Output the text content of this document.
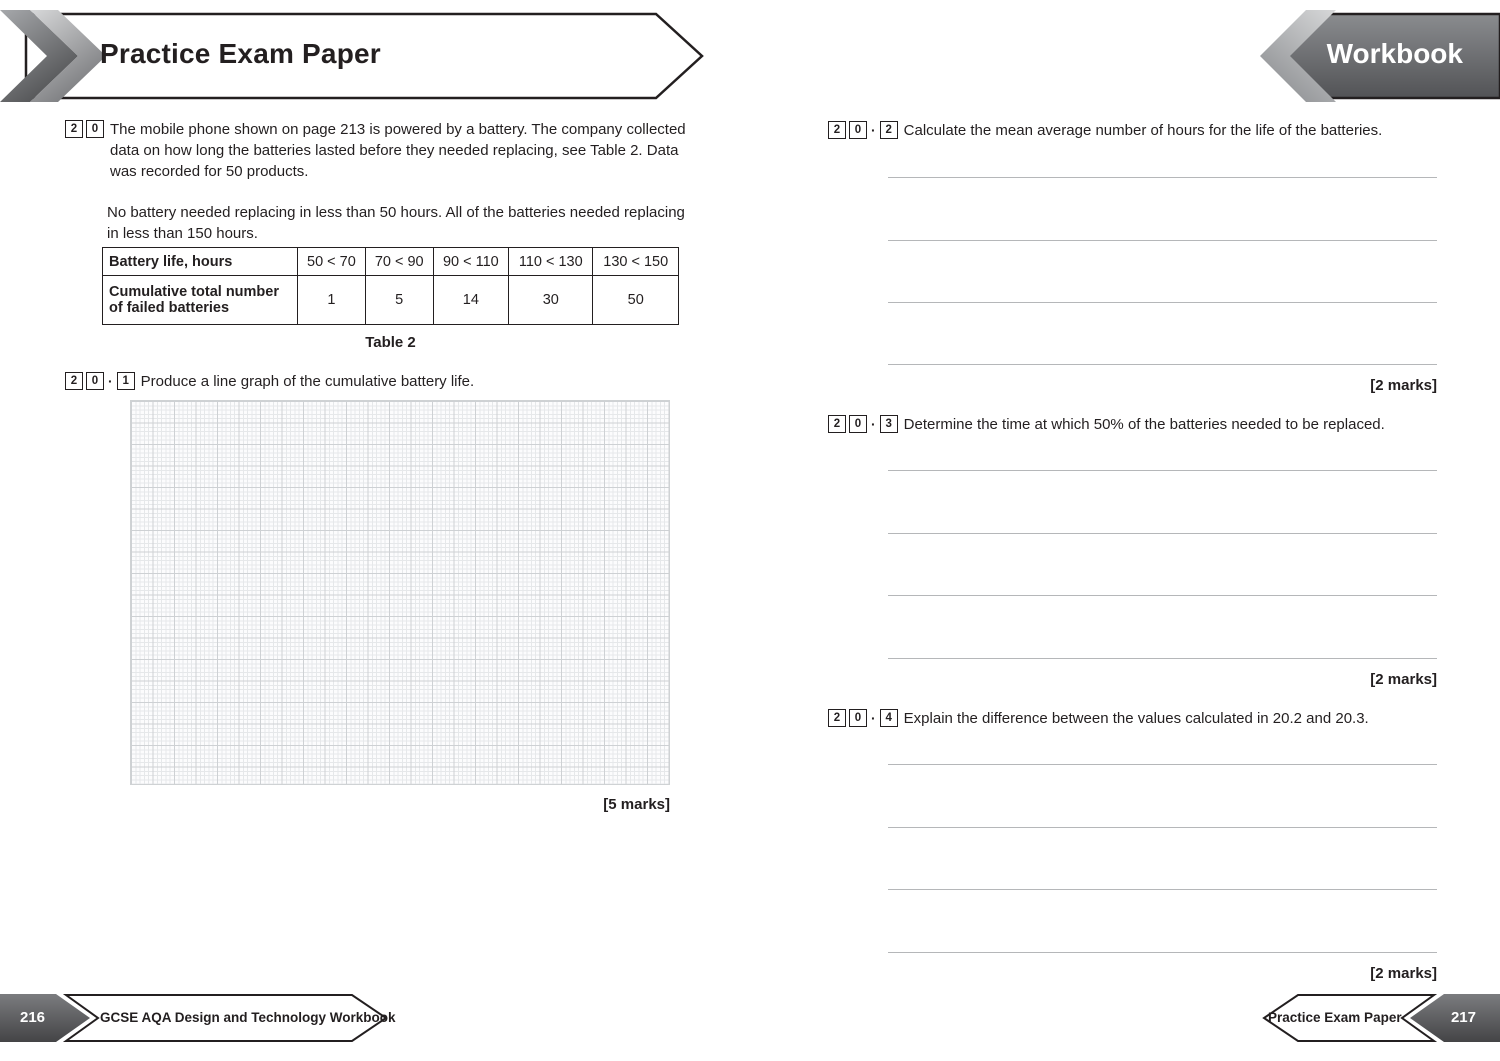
Practice Exam Paper	Workbook
2	0 The mobile phone shown on page 213 is powered by a battery. The company collected data on how long the batteries lasted before they needed replacing, see Table 2. Data was recorded for 50 products.
No battery needed replacing in less than 50 hours. All of the batteries needed replacing in less than 150 hours.
Battery life, hours	50 < 70	70 < 90	90 < 110	110 < 130	130 < 150
Cumulative total number of failed batteries	1	5	14	30	50
Table 2
2	0 · 1 Produce a line graph of the cumulative battery life.
[5 marks]
2	0 · 2 Calculate the mean average number of hours for the life of the batteries.
[2 marks]
2	0 · 3 Determine the time at which 50% of the batteries needed to be replaced.
[2 marks]
2	0 · 4 Explain the difference between the values calculated in 20.2 and 20.3.
[2 marks]
216	GCSE AQA Design and Technology Workbook	Practice Exam Paper	217
